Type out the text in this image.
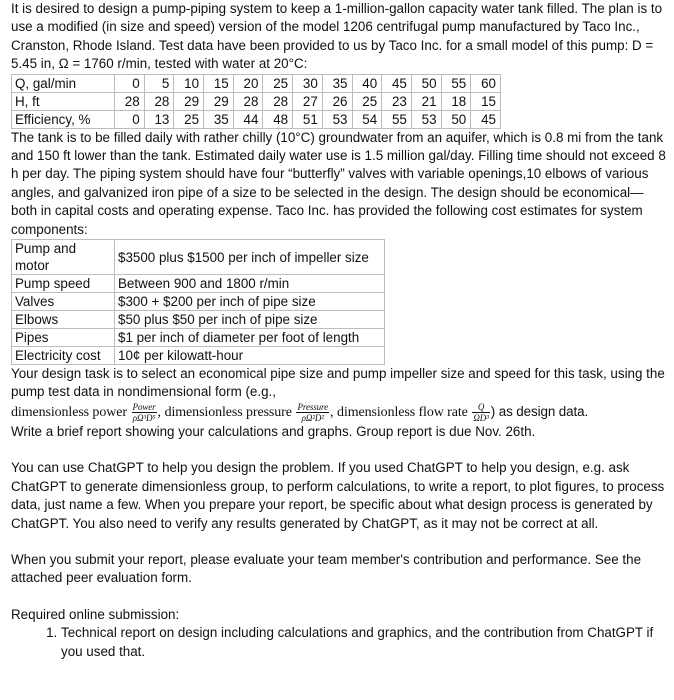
It is desired to design a pump-piping system to keep a 1-million-gallon capacity water tank filled. The plan is to use a modified (in size and speed) version of the model 1206 centrifugal pump manufactured by Taco Inc., Cranston, Rhode Island. Test data have been provided to us by Taco Inc. for a small model of this pump: D = 5.45 in, Ω = 1760 r/min, tested with water at 20°C:

Q, gal/min	0	5	10	15	20	25	30	35	40	45	50	55	60
H, ft	28	28	29	29	28	28	27	26	25	23	21	18	15
Efficiency, %	0	13	25	35	44	48	51	53	54	55	53	50	45

The tank is to be filled daily with rather chilly (10°C) groundwater from an aquifer, which is 0.8 mi from the tank and 150 ft lower than the tank. Estimated daily water use is 1.5 million gal/day. Filling time should not exceed 8 h per day. The piping system should have four “butterfly” valves with variable openings,10 elbows of various angles, and galvanized iron pipe of a size to be selected in the design. The design should be economical—both in capital costs and operating expense. Taco Inc. has provided the following cost estimates for system components:

Pump and motor	$3500 plus $1500 per inch of impeller size
Pump speed	Between 900 and 1800 r/min
Valves	$300 + $200 per inch of pipe size
Elbows	$50 plus $50 per inch of pipe size
Pipes	$1 per inch of diameter per foot of length
Electricity cost	10¢ per kilowatt-hour

Your design task is to select an economical pipe size and pump impeller size and speed for this task, using the pump test data in nondimensional form (e.g.,

dimensionless power $\frac{\text{Power}}{\text{ρΩ³D⁵}}$ , dimensionless pressure $\frac{\text{Pressure}}{\text{ρΩ²D²}}$ , dimensionless flow rate $\frac{Q}{\text{ΩD³}}$ ) as design data.

Write a brief report showing your calculations and graphs. Group report is due Nov. 26th.

You can use ChatGPT to help you design the problem. If you used ChatGPT to help you design, e.g. ask ChatGPT to generate dimensionless group, to perform calculations, to write a report, to plot figures, to process data, just name a few. When you prepare your report, be specific about what design process is generated by ChatGPT. You also need to verify any results generated by ChatGPT, as it may not be correct at all.

When you submit your report, please evaluate your team member's contribution and performance. See the attached peer evaluation form.

Required online submission:

1. Technical report on design including calculations and graphics, and the contribution from ChatGPT if you used that.
